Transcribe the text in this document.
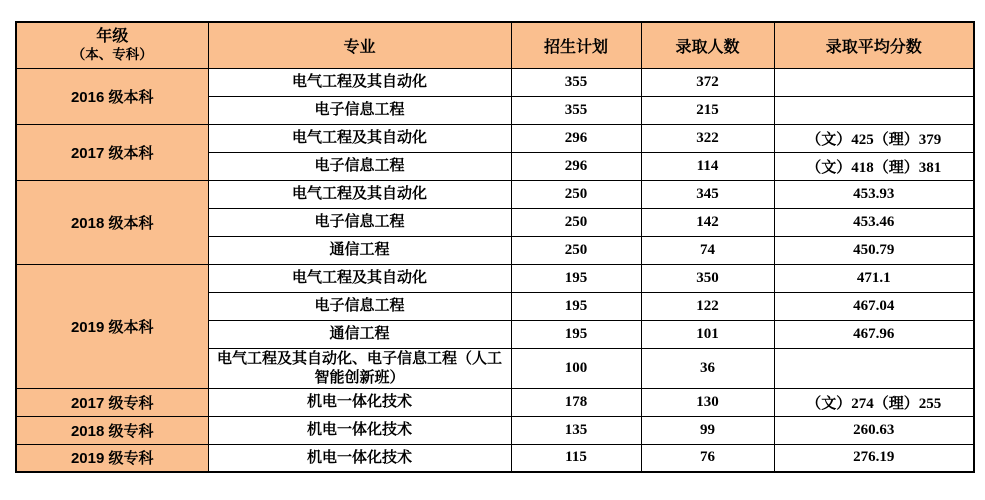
年级
（本、专科）	专业	招生计划	录取人数	录取平均分数
2016 级本科	电气工程及其自动化	355	372	
	电子信息工程	355	215	
2017 级本科	电气工程及其自动化	296	322	（文）425（理）379
	电子信息工程	296	114	（文）418（理）381
2018 级本科	电气工程及其自动化	250	345	453.93
	电子信息工程	250	142	453.46
	通信工程	250	74	450.79
2019 级本科	电气工程及其自动化	195	350	471.1
	电子信息工程	195	122	467.04
	通信工程	195	101	467.96
	电气工程及其自动化、电子信息工程（人工智能创新班）	100	36	
2017 级专科	机电一体化技术	178	130	（文）274（理）255
2018 级专科	机电一体化技术	135	99	260.63
2019 级专科	机电一体化技术	115	76	276.19
